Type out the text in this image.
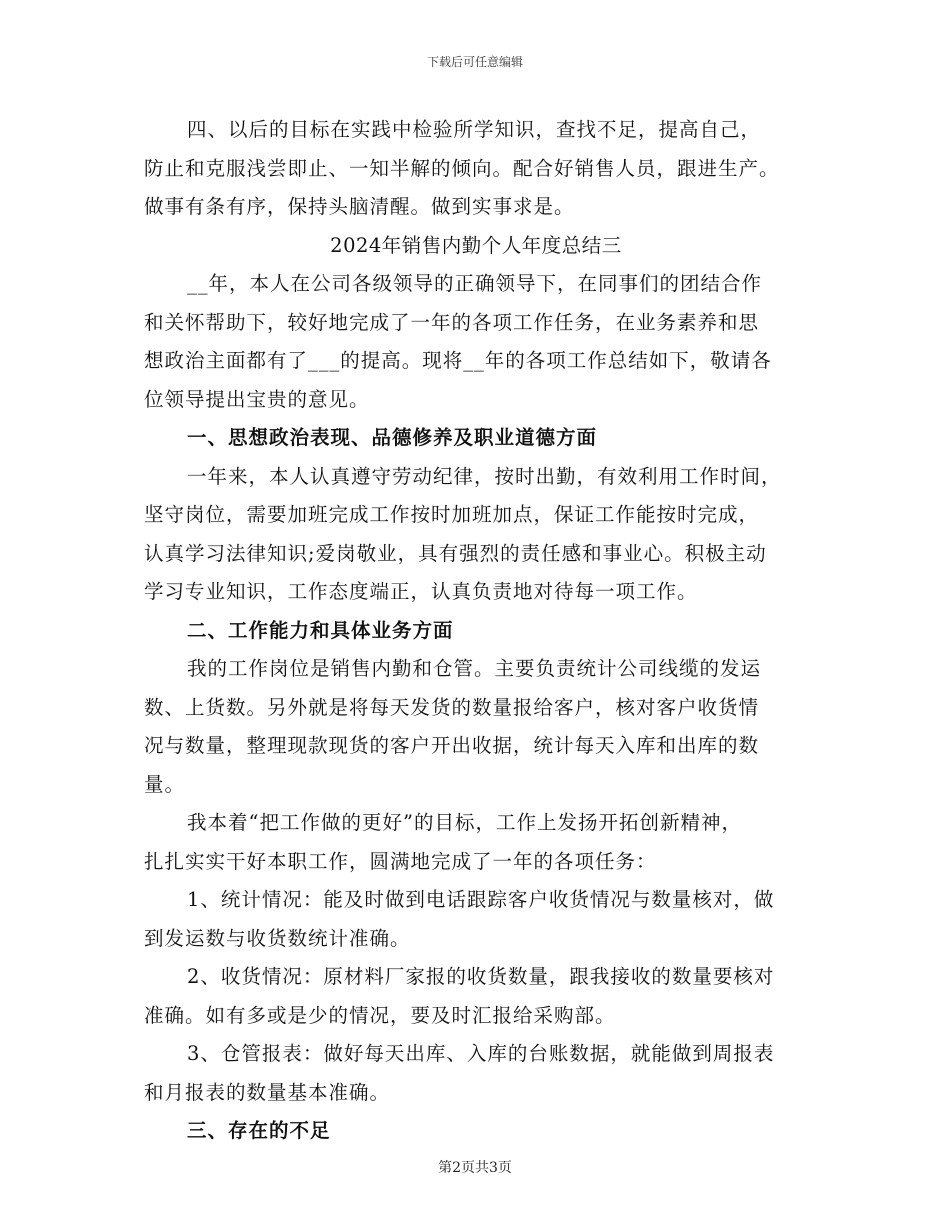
下载后可任意编辑
四、以后的目标在实践中检验所学知识，查找不足，提高自己，
防止和克服浅尝即止、一知半解的倾向。配合好销售人员，跟进生产。
做事有条有序，保持头脑清醒。做到实事求是。
2024年销售内勤个人年度总结三
__年，本人在公司各级领导的正确领导下，在同事们的团结合作
和关怀帮助下，较好地完成了一年的各项工作任务，在业务素养和思
想政治主面都有了___的提高。现将__年的各项工作总结如下，敬请各
位领导提出宝贵的意见。
一、思想政治表现、品德修养及职业道德方面
一年来，本人认真遵守劳动纪律，按时出勤，有效利用工作时间，
坚守岗位，需要加班完成工作按时加班加点，保证工作能按时完成，
认真学习法律知识;爱岗敬业，具有强烈的责任感和事业心。积极主动
学习专业知识，工作态度端正，认真负责地对待每一项工作。
二、工作能力和具体业务方面
我的工作岗位是销售内勤和仓管。主要负责统计公司线缆的发运
数、上货数。另外就是将每天发货的数量报给客户，核对客户收货情
况与数量，整理现款现货的客户开出收据，统计每天入库和出库的数
量。
我本着“把工作做的更好”的目标，工作上发扬开拓创新精神，
扎扎实实干好本职工作，圆满地完成了一年的各项任务：
1、统计情况：能及时做到电话跟踪客户收货情况与数量核对，做
到发运数与收货数统计准确。
2、收货情况：原材料厂家报的收货数量，跟我接收的数量要核对
准确。如有多或是少的情况，要及时汇报给采购部。
3、仓管报表：做好每天出库、入库的台账数据，就能做到周报表
和月报表的数量基本准确。
三、存在的不足
第2页共3页
